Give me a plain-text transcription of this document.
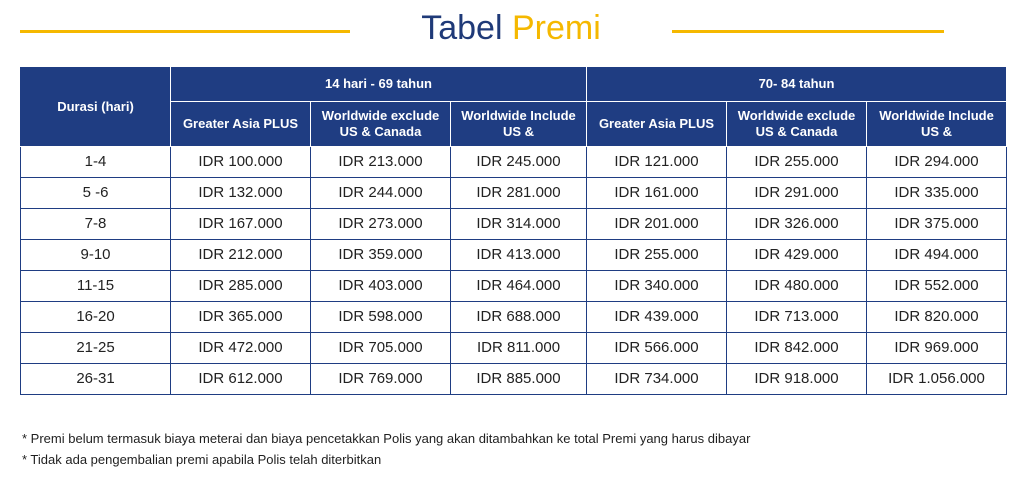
Tabel Premi
Durasi (hari)	14 hari - 69 tahun			70- 84 tahun		
	Greater Asia PLUS	Worldwide exclude US & Canada	Worldwide Include US &	Greater Asia PLUS	Worldwide exclude US & Canada	Worldwide Include US &
1-4	IDR 100.000	IDR 213.000	IDR 245.000	IDR 121.000	IDR 255.000	IDR 294.000
5 -6	IDR 132.000	IDR 244.000	IDR 281.000	IDR 161.000	IDR 291.000	IDR 335.000
7-8	IDR 167.000	IDR 273.000	IDR 314.000	IDR 201.000	IDR 326.000	IDR 375.000
9-10	IDR 212.000	IDR 359.000	IDR 413.000	IDR 255.000	IDR 429.000	IDR 494.000
11-15	IDR 285.000	IDR 403.000	IDR 464.000	IDR 340.000	IDR 480.000	IDR 552.000
16-20	IDR 365.000	IDR 598.000	IDR 688.000	IDR 439.000	IDR 713.000	IDR 820.000
21-25	IDR 472.000	IDR 705.000	IDR 811.000	IDR 566.000	IDR 842.000	IDR 969.000
26-31	IDR 612.000	IDR 769.000	IDR 885.000	IDR 734.000	IDR 918.000	IDR 1.056.000
* Premi belum termasuk biaya meterai dan biaya pencetakkan Polis yang akan ditambahkan ke total Premi yang harus dibayar
* Tidak ada pengembalian premi apabila Polis telah diterbitkan
